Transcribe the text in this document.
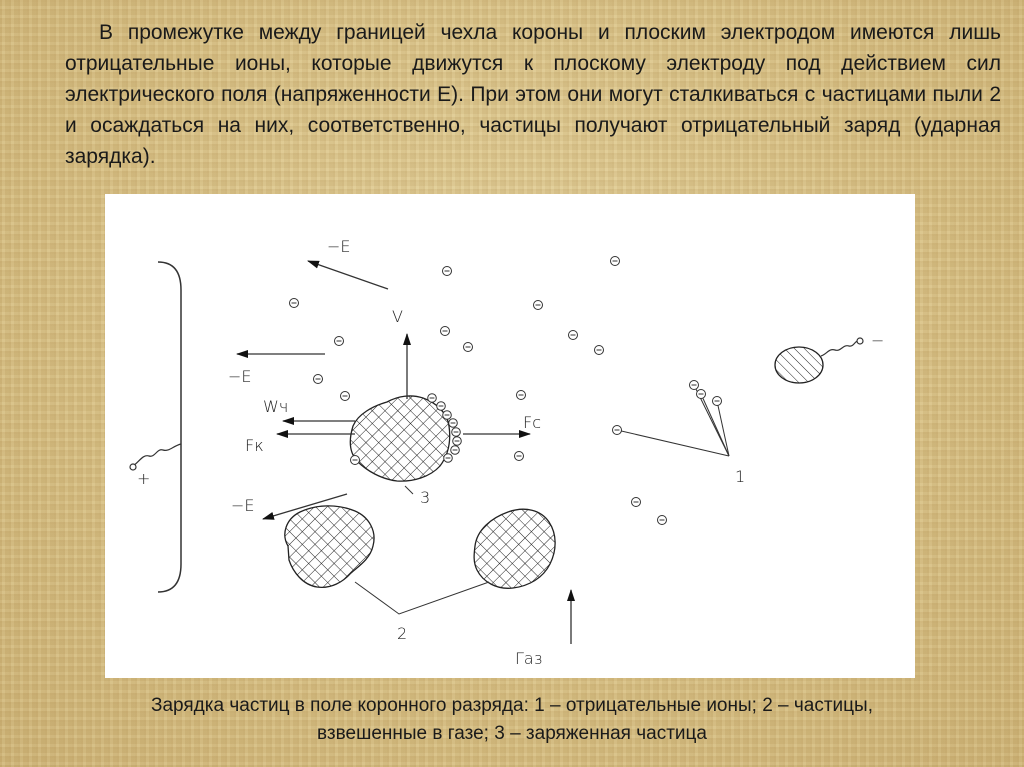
В промежутке между границей чехла короны и плоским электродом имеются лишь отрицательные ионы, которые движутся к плоскому электроду под действием сил электрического поля (напряженности Е). При этом они могут сталкиваться с частицами пыли 2 и осаждаться на них, соответственно, частицы получают отрицательный заряд (ударная зарядка).

+
−E
−E
−E	3
V
Wч
Fк
Fc
2
Газ
−
1

Зарядка частиц в поле коронного разряда: 1 – отрицательные ионы; 2 – частицы,
взвешенные в газе; 3 – заряженная частица
